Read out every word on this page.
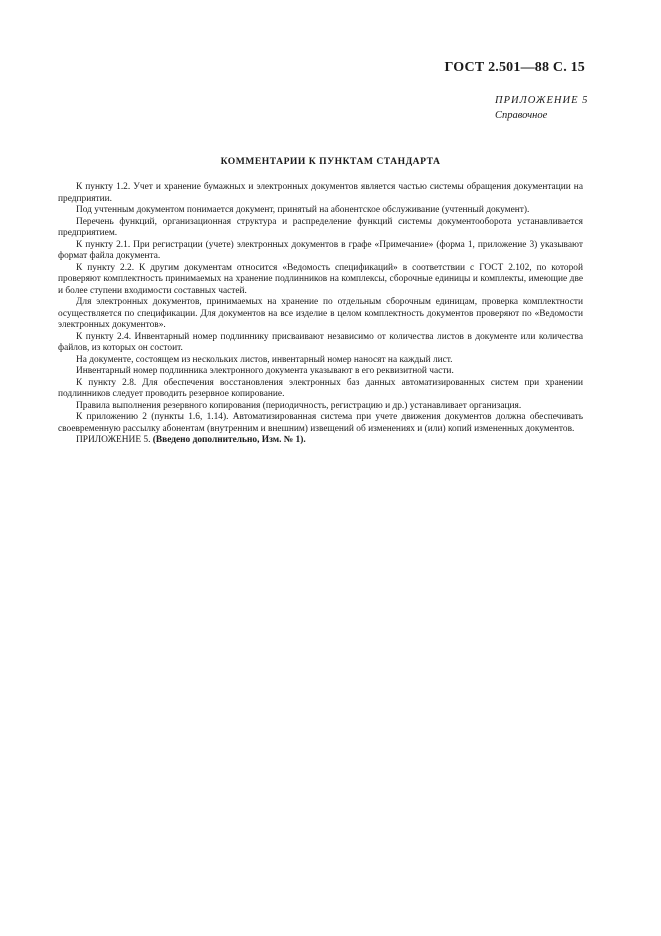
ГОСТ 2.501—88 С. 15
ПРИЛОЖЕНИЕ 5
Справочное
КОММЕНТАРИИ К ПУНКТАМ СТАНДАРТА

К пункту 1.2. Учет и хранение бумажных и электронных документов является частью системы обращения документации на предприятии.

Под учтенным документом понимается документ, принятый на абонентское обслуживание (учтенный документ).

Перечень функций, организационная структура и распределение функций системы документооборота устанавливается предприятием.

К пункту 2.1. При регистрации (учете) электронных документов в графе «Примечание» (форма 1, приложение 3) указывают формат файла документа.

К пункту 2.2. К другим документам относится «Ведомость спецификаций» в соответствии с ГОСТ 2.102, по которой проверяют комплектность принимаемых на хранение подлинников на комплексы, сборочные единицы и комплекты, имеющие две и более ступени входимости составных частей.

Для электронных документов, принимаемых на хранение по отдельным сборочным единицам, проверка комплектности осуществляется по спецификации. Для документов на все изделие в целом комплектность документов проверяют по «Ведомости электронных документов».

К пункту 2.4. Инвентарный номер подлиннику присваивают независимо от количества листов в документе или количества файлов, из которых он состоит.

На документе, состоящем из нескольких листов, инвентарный номер наносят на каждый лист.

Инвентарный номер подлинника электронного документа указывают в его реквизитной части.

К пункту 2.8. Для обеспечения восстановления электронных баз данных автоматизированных систем при хранении подлинников следует проводить резервное копирование.

Правила выполнения резервного копирования (периодичность, регистрацию и др.) устанавливает организация.

К приложению 2 (пункты 1.6, 1.14). Автоматизированная система при учете движения документов должна обеспечивать своевременную рассылку абонентам (внутренним и внешним) извещений об изменениях и (или) копий измененных документов.

ПРИЛОЖЕНИЕ 5. (Введено дополнительно, Изм. № 1).
